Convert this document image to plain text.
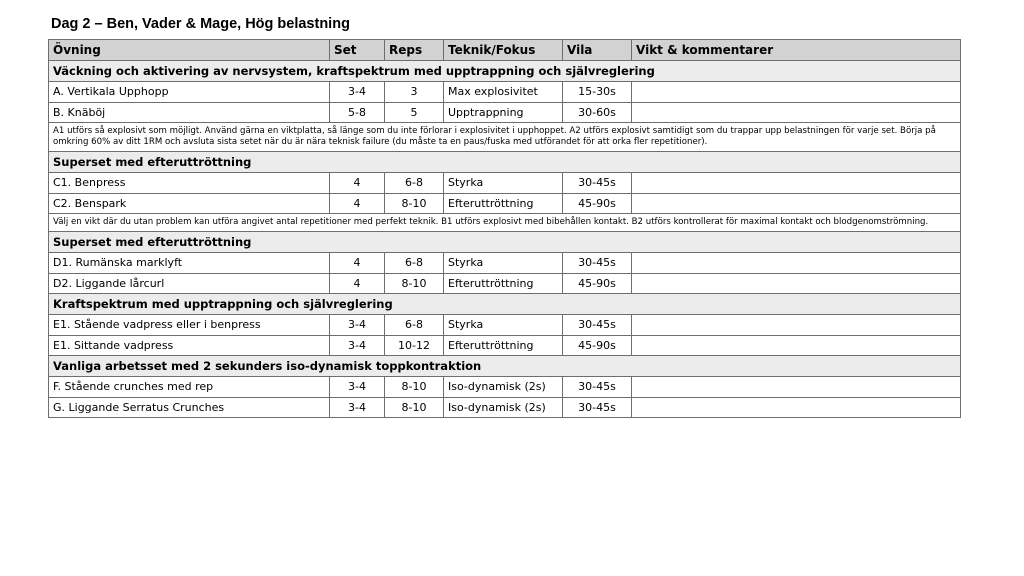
Dag 2 – Ben, Vader & Mage, Hög belastning
Övning	Set	Reps	Teknik/Fokus	Vila	Vikt & kommentarer
Väckning och aktivering av nervsystem, kraftspektrum med upptrappning och självreglering					
A. Vertikala Upphopp	3-4	3	Max explosivitet	15-30s	
B. Knäböj	5-8	5	Upptrappning	30-60s	
A1 utförs så explosivt som möjligt. Använd gärna en viktplatta, så länge som du inte förlorar i explosivitet i upphoppet. A2 utförs explosivt samtidigt som du trappar upp belastningen för varje set. Börja på omkring 60% av ditt 1RM och avsluta sista setet när du är nära teknisk failure (du måste ta en paus/fuska med utförandet för att orka fler repetitioner).					
Superset med efteruttröttning					
C1. Benpress	4	6-8	Styrka	30-45s	
C2. Benspark	4	8-10	Efteruttröttning	45-90s	
Välj en vikt där du utan problem kan utföra angivet antal repetitioner med perfekt teknik. B1 utförs explosivt med bibehållen kontakt. B2 utförs kontrollerat för maximal kontakt och blodgenomströmning.					
Superset med efteruttröttning					
D1. Rumänska marklyft	4	6-8	Styrka	30-45s	
D2. Liggande lårcurl	4	8-10	Efteruttröttning	45-90s	
Kraftspektrum med upptrappning och självreglering					
E1. Stående vadpress eller i benpress	3-4	6-8	Styrka	30-45s	
E1. Sittande vadpress	3-4	10-12	Efteruttröttning	45-90s	
Vanliga arbetsset med 2 sekunders iso-dynamisk toppkontraktion					
F. Stående crunches med rep	3-4	8-10	Iso-dynamisk (2s)	30-45s	
G. Liggande Serratus Crunches	3-4	8-10	Iso-dynamisk (2s)	30-45s	
